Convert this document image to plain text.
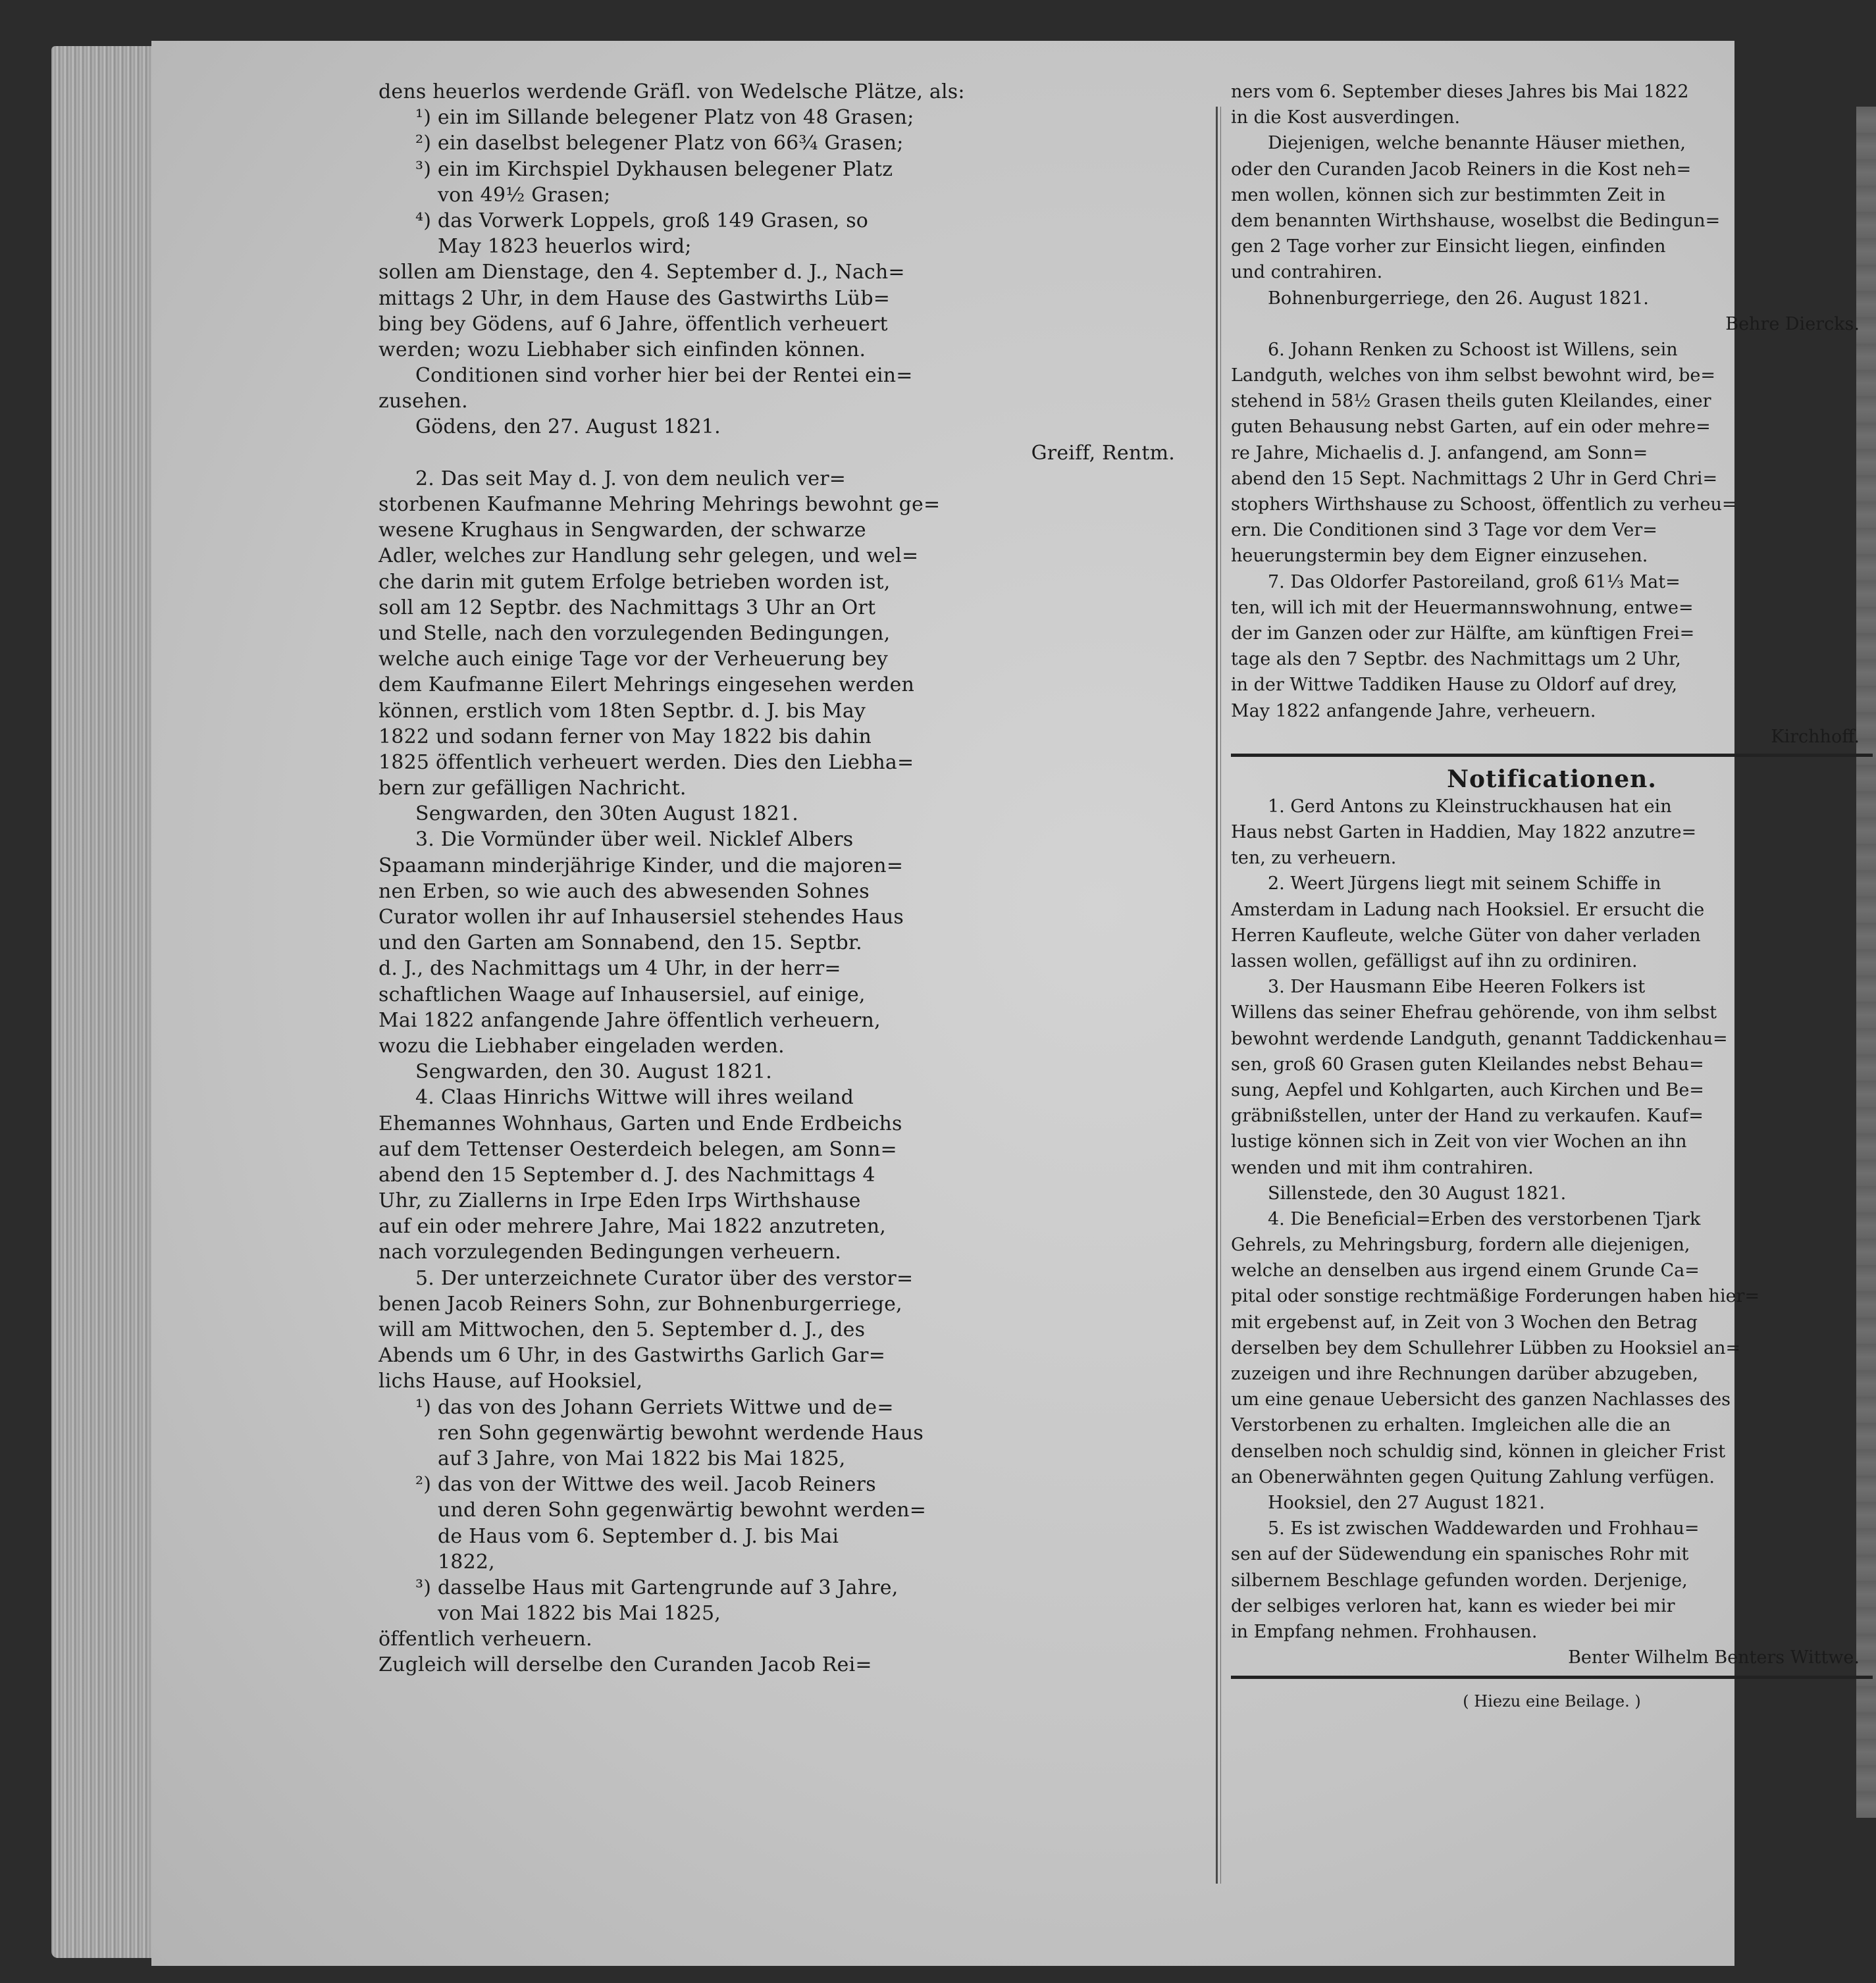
dens heuerlos werdende Gräfl. von Wedelsche Plätze, als:
¹) ein im Sillande belegener Platz von 48 Grasen;
²) ein daselbst belegener Platz von 66¾ Grasen;
³) ein im Kirchspiel Dykhausen belegener Platz
von 49½ Grasen;
⁴) das Vorwerk Loppels, groß 149 Grasen, so
May 1823 heuerlos wird;
sollen am Dienstage, den 4. September d. J., Nach=
mittags 2 Uhr, in dem Hause des Gastwirths Lüb=
bing bey Gödens, auf 6 Jahre, öffentlich verheuert
werden; wozu Liebhaber sich einfinden können.
Conditionen sind vorher hier bei der Rentei ein=
zusehen.
Gödens, den 27. August 1821.
Greiff, Rentm.
2. Das seit May d. J. von dem neulich ver=
storbenen Kaufmanne Mehring Mehrings bewohnt ge=
wesene Krughaus in Sengwarden, der schwarze
Adler, welches zur Handlung sehr gelegen, und wel=
che darin mit gutem Erfolge betrieben worden ist,
soll am 12 Septbr. des Nachmittags 3 Uhr an Ort
und Stelle, nach den vorzulegenden Bedingungen,
welche auch einige Tage vor der Verheuerung bey
dem Kaufmanne Eilert Mehrings eingesehen werden
können, erstlich vom 18ten Septbr. d. J. bis May
1822 und sodann ferner von May 1822 bis dahin
1825 öffentlich verheuert werden. Dies den Liebha=
bern zur gefälligen Nachricht.
Sengwarden, den 30ten August 1821.
3. Die Vormünder über weil. Nicklef Albers
Spaamann minderjährige Kinder, und die majoren=
nen Erben, so wie auch des abwesenden Sohnes
Curator wollen ihr auf Inhausersiel stehendes Haus
und den Garten am Sonnabend, den 15. Septbr.
d. J., des Nachmittags um 4 Uhr, in der herr=
schaftlichen Waage auf Inhausersiel, auf einige,
Mai 1822 anfangende Jahre öffentlich verheuern,
wozu die Liebhaber eingeladen werden.
Sengwarden, den 30. August 1821.
4. Claas Hinrichs Wittwe will ihres weiland
Ehemannes Wohnhaus, Garten und Ende Erdbeichs
auf dem Tettenser Oesterdeich belegen, am Sonn=
abend den 15 September d. J. des Nachmittags 4
Uhr, zu Ziallerns in Irpe Eden Irps Wirthshause
auf ein oder mehrere Jahre, Mai 1822 anzutreten,
nach vorzulegenden Bedingungen verheuern.
5. Der unterzeichnete Curator über des verstor=
benen Jacob Reiners Sohn, zur Bohnenburgerriege,
will am Mittwochen, den 5. September d. J., des
Abends um 6 Uhr, in des Gastwirths Garlich Gar=
lichs Hause, auf Hooksiel,
¹) das von des Johann Gerriets Wittwe und de=
ren Sohn gegenwärtig bewohnt werdende Haus
auf 3 Jahre, von Mai 1822 bis Mai 1825,
²) das von der Wittwe des weil. Jacob Reiners
und deren Sohn gegenwärtig bewohnt werden=
de Haus vom 6. September d. J. bis Mai
1822,
³) dasselbe Haus mit Gartengrunde auf 3 Jahre,
von Mai 1822 bis Mai 1825,
öffentlich verheuern.
Zugleich will derselbe den Curanden Jacob Rei=
ners vom 6. September dieses Jahres bis Mai 1822
in die Kost ausverdingen.
Diejenigen, welche benannte Häuser miethen,
oder den Curanden Jacob Reiners in die Kost neh=
men wollen, können sich zur bestimmten Zeit in
dem benannten Wirthshause, woselbst die Bedingun=
gen 2 Tage vorher zur Einsicht liegen, einfinden
und contrahiren.
Bohnenburgerriege, den 26. August 1821.
Behre Diercks.
6. Johann Renken zu Schoost ist Willens, sein
Landguth, welches von ihm selbst bewohnt wird, be=
stehend in 58½ Grasen theils guten Kleilandes, einer
guten Behausung nebst Garten, auf ein oder mehre=
re Jahre, Michaelis d. J. anfangend, am Sonn=
abend den 15 Sept. Nachmittags 2 Uhr in Gerd Chri=
stophers Wirthshause zu Schoost, öffentlich zu verheu=
ern. Die Conditionen sind 3 Tage vor dem Ver=
heuerungstermin bey dem Eigner einzusehen.
7. Das Oldorfer Pastoreiland, groß 61⅓ Mat=
ten, will ich mit der Heuermannswohnung, entwe=
der im Ganzen oder zur Hälfte, am künftigen Frei=
tage als den 7 Septbr. des Nachmittags um 2 Uhr,
in der Wittwe Taddiken Hause zu Oldorf auf drey,
May 1822 anfangende Jahre, verheuern.
Kirchhoff.
Notificationen.
1. Gerd Antons zu Kleinstruckhausen hat ein
Haus nebst Garten in Haddien, May 1822 anzutre=
ten, zu verheuern.
2. Weert Jürgens liegt mit seinem Schiffe in
Amsterdam in Ladung nach Hooksiel. Er ersucht die
Herren Kaufleute, welche Güter von daher verladen
lassen wollen, gefälligst auf ihn zu ordiniren.
3. Der Hausmann Eibe Heeren Folkers ist
Willens das seiner Ehefrau gehörende, von ihm selbst
bewohnt werdende Landguth, genannt Taddickenhau=
sen, groß 60 Grasen guten Kleilandes nebst Behau=
sung, Aepfel und Kohlgarten, auch Kirchen und Be=
gräbnißstellen, unter der Hand zu verkaufen. Kauf=
lustige können sich in Zeit von vier Wochen an ihn
wenden und mit ihm contrahiren.
Sillenstede, den 30 August 1821.
4. Die Beneficial=Erben des verstorbenen Tjark
Gehrels, zu Mehringsburg, fordern alle diejenigen,
welche an denselben aus irgend einem Grunde Ca=
pital oder sonstige rechtmäßige Forderungen haben hier=
mit ergebenst auf, in Zeit von 3 Wochen den Betrag
derselben bey dem Schullehrer Lübben zu Hooksiel an=
zuzeigen und ihre Rechnungen darüber abzugeben,
um eine genaue Uebersicht des ganzen Nachlasses des
Verstorbenen zu erhalten. Imgleichen alle die an
denselben noch schuldig sind, können in gleicher Frist
an Obenerwähnten gegen Quitung Zahlung verfügen.
Hooksiel, den 27 August 1821.
5. Es ist zwischen Waddewarden und Frohhau=
sen auf der Südewendung ein spanisches Rohr mit
silbernem Beschlage gefunden worden. Derjenige,
der selbiges verloren hat, kann es wieder bei mir
in Empfang nehmen. Frohhausen.
Benter Wilhelm Benters Wittwe.
( Hiezu eine Beilage. )
